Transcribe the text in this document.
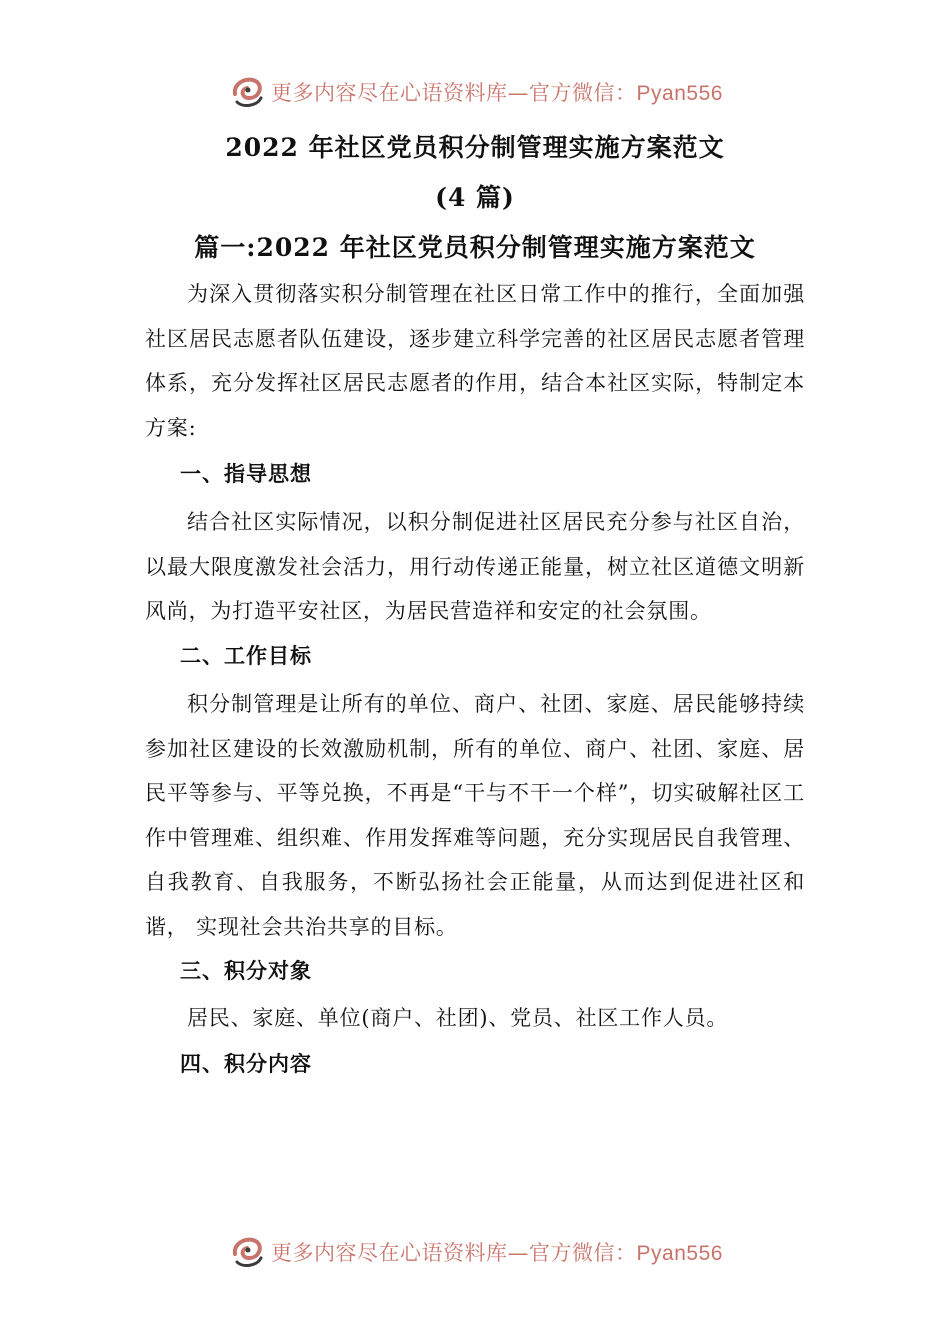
更多内容尽在心语资料库—官方微信：Pyan556
2022 年社区党员积分制管理实施方案范文
(4 篇)
篇一:2022 年社区党员积分制管理实施方案范文

为深入贯彻落实积分制管理在社区日常工作中的推行，全面加强社区居民志愿者队伍建设，逐步建立科学完善的社区居民志愿者管理体系，充分发挥社区居民志愿者的作用，结合本社区实际，特制定本方案:

一、指导思想

结合社区实际情况，以积分制促进社区居民充分参与社区自治，以最大限度激发社会活力，用行动传递正能量，树立社区道德文明新风尚，为打造平安社区，为居民营造祥和安定的社会氛围。

二、工作目标

积分制管理是让所有的单位、商户、社团、家庭、居民能够持续参加社区建设的长效激励机制，所有的单位、商户、社团、家庭、居民平等参与、平等兑换，不再是“干与不干一个样”，切实破解社区工作中管理难、组织难、作用发挥难等问题，充分实现居民自我管理、自我教育、自我服务，不断弘扬社会正能量，从而达到促进社区和谐， 实现社会共治共享的目标。

三、积分对象

居民、家庭、单位(商户、社团)、党员、社区工作人员。

四、积分内容

更多内容尽在心语资料库—官方微信：Pyan556
